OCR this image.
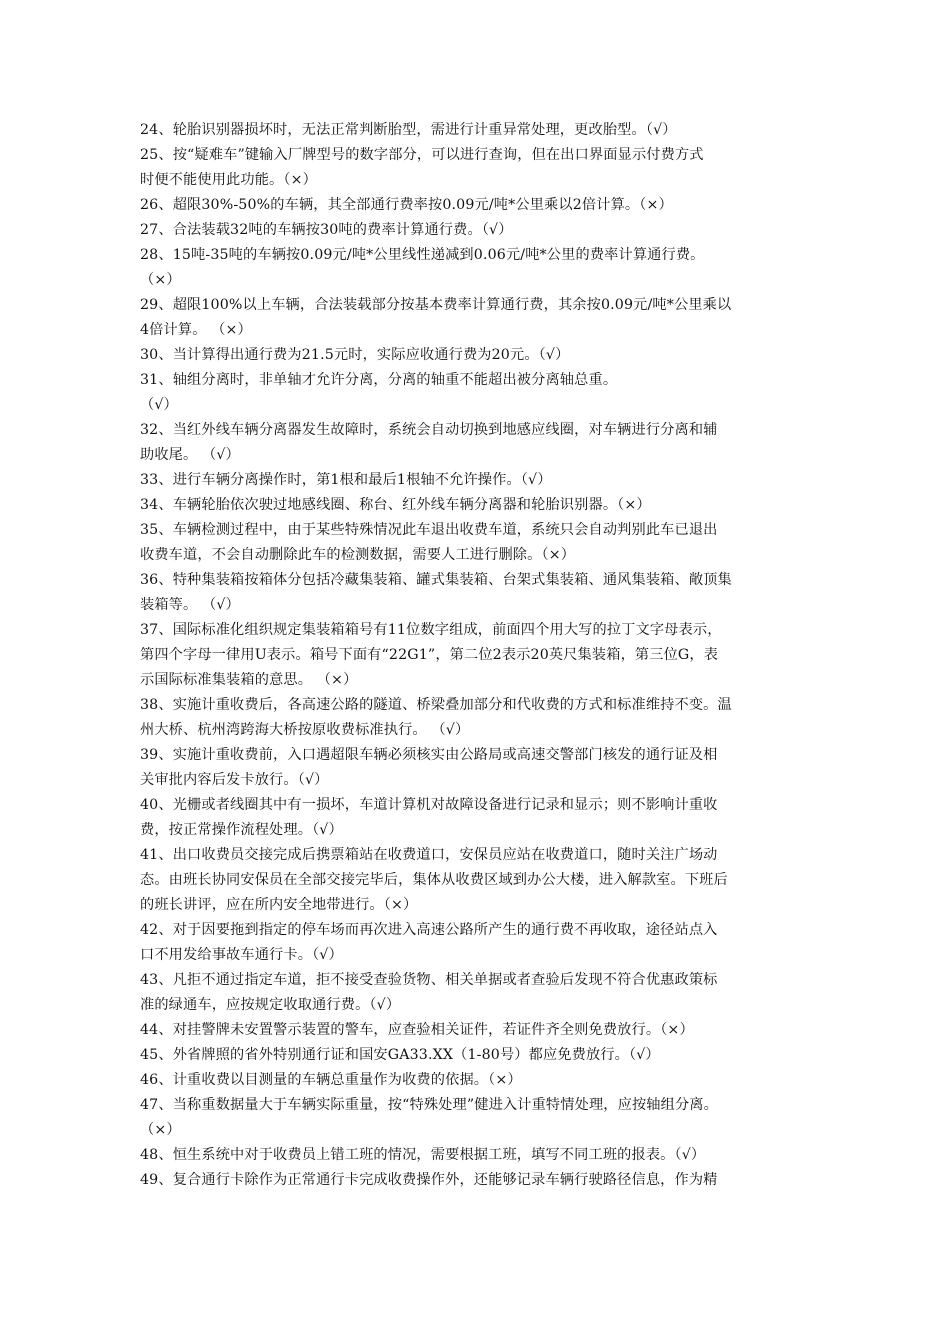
24、轮胎识别器损坏时，无法正常判断胎型，需进行计重异常处理，更改胎型。（√）
25、按“疑难车”键输入厂牌型号的数字部分，可以进行查询，但在出口界面显示付费方式
时便不能使用此功能。（×）
26、超限30%-50%的车辆，其全部通行费率按0.09元/吨*公里乘以2倍计算。（×）
27、合法装载32吨的车辆按30吨的费率计算通行费。（√）
28、15吨-35吨的车辆按0.09元/吨*公里线性递减到0.06元/吨*公里的费率计算通行费。
（×）
29、超限100%以上车辆，合法装载部分按基本费率计算通行费，其余按0.09元/吨*公里乘以
4倍计算。 （×）
30、当计算得出通行费为21.5元时，实际应收通行费为20元。（√）
31、轴组分离时，非单轴才允许分离，分离的轴重不能超出被分离轴总重。
（√）
32、当红外线车辆分离器发生故障时，系统会自动切换到地感应线圈，对车辆进行分离和辅
助收尾。 （√）
33、进行车辆分离操作时，第1根和最后1根轴不允许操作。（√）
34、车辆轮胎依次驶过地感线圈、称台、红外线车辆分离器和轮胎识别器。（×）
35、车辆检测过程中，由于某些特殊情况此车退出收费车道，系统只会自动判别此车已退出
收费车道，不会自动删除此车的检测数据，需要人工进行删除。（×）
36、特种集装箱按箱体分包括冷藏集装箱、罐式集装箱、台架式集装箱、通风集装箱、敞顶集
装箱等。 （√）
37、国际标准化组织规定集装箱箱号有11位数字组成，前面四个用大写的拉丁文字母表示，
第四个字母一律用U表示。箱号下面有“22G1”，第二位2表示20英尺集装箱，第三位G，表
示国际标准集装箱的意思。 （×）
38、实施计重收费后，各高速公路的隧道、桥梁叠加部分和代收费的方式和标准维持不变。温
州大桥、杭州湾跨海大桥按原收费标准执行。 （√）
39、实施计重收费前，入口遇超限车辆必须核实由公路局或高速交警部门核发的通行证及相
关审批内容后发卡放行。（√）
40、光栅或者线圈其中有一损坏，车道计算机对故障设备进行记录和显示；则不影响计重收
费，按正常操作流程处理。（√）
41、出口收费员交接完成后携票箱站在收费道口，安保员应站在收费道口，随时关注广场动
态。由班长协同安保员在全部交接完毕后，集体从收费区域到办公大楼，进入解款室。下班后
的班长讲评，应在所内安全地带进行。（×）
42、对于因要拖到指定的停车场而再次进入高速公路所产生的通行费不再收取，途径站点入
口不用发给事故车通行卡。（√）
43、凡拒不通过指定车道，拒不接受查验货物、相关单据或者查验后发现不符合优惠政策标
准的绿通车，应按规定收取通行费。（√）
44、对挂警牌未安置警示装置的警车，应查验相关证件，若证件齐全则免费放行。（×）
45、外省牌照的省外特别通行证和国安GA33.XX（1-80号）都应免费放行。（√）
46、计重收费以目测量的车辆总重量作为收费的依据。（×）
47、当称重数据量大于车辆实际重量，按“特殊处理”健进入计重特情处理，应按轴组分离。
（×）
48、恒生系统中对于收费员上错工班的情况，需要根据工班，填写不同工班的报表。（√）
49、复合通行卡除作为正常通行卡完成收费操作外，还能够记录车辆行驶路径信息，作为精
